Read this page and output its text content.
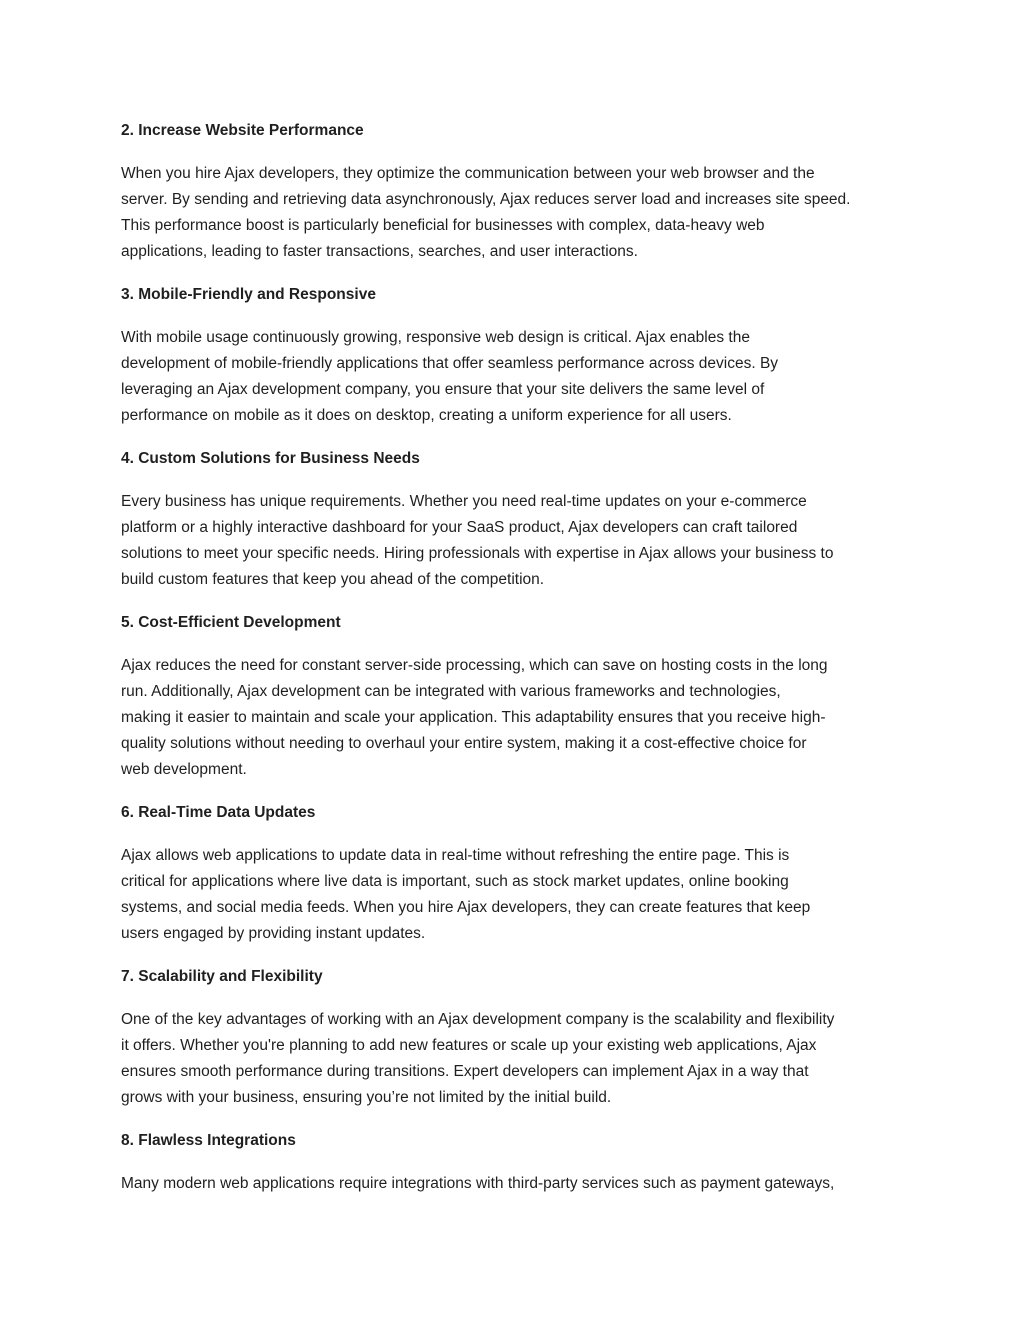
2. Increase Website Performance

When you hire Ajax developers, they optimize the communication between your web browser and the
server. By sending and retrieving data asynchronously, Ajax reduces server load and increases site speed.
This performance boost is particularly beneficial for businesses with complex, data-heavy web
applications, leading to faster transactions, searches, and user interactions.

3. Mobile-Friendly and Responsive

With mobile usage continuously growing, responsive web design is critical. Ajax enables the
development of mobile-friendly applications that offer seamless performance across devices. By
leveraging an Ajax development company, you ensure that your site delivers the same level of
performance on mobile as it does on desktop, creating a uniform experience for all users.

4. Custom Solutions for Business Needs

Every business has unique requirements. Whether you need real-time updates on your e-commerce
platform or a highly interactive dashboard for your SaaS product, Ajax developers can craft tailored
solutions to meet your specific needs. Hiring professionals with expertise in Ajax allows your business to
build custom features that keep you ahead of the competition.

5. Cost-Efficient Development

Ajax reduces the need for constant server-side processing, which can save on hosting costs in the long
run. Additionally, Ajax development can be integrated with various frameworks and technologies,
making it easier to maintain and scale your application. This adaptability ensures that you receive high-
quality solutions without needing to overhaul your entire system, making it a cost-effective choice for
web development.

6. Real-Time Data Updates

Ajax allows web applications to update data in real-time without refreshing the entire page. This is
critical for applications where live data is important, such as stock market updates, online booking
systems, and social media feeds. When you hire Ajax developers, they can create features that keep
users engaged by providing instant updates.

7. Scalability and Flexibility

One of the key advantages of working with an Ajax development company is the scalability and flexibility
it offers. Whether you're planning to add new features or scale up your existing web applications, Ajax
ensures smooth performance during transitions. Expert developers can implement Ajax in a way that
grows with your business, ensuring you’re not limited by the initial build.

8. Flawless Integrations

Many modern web applications require integrations with third-party services such as payment gateways,
